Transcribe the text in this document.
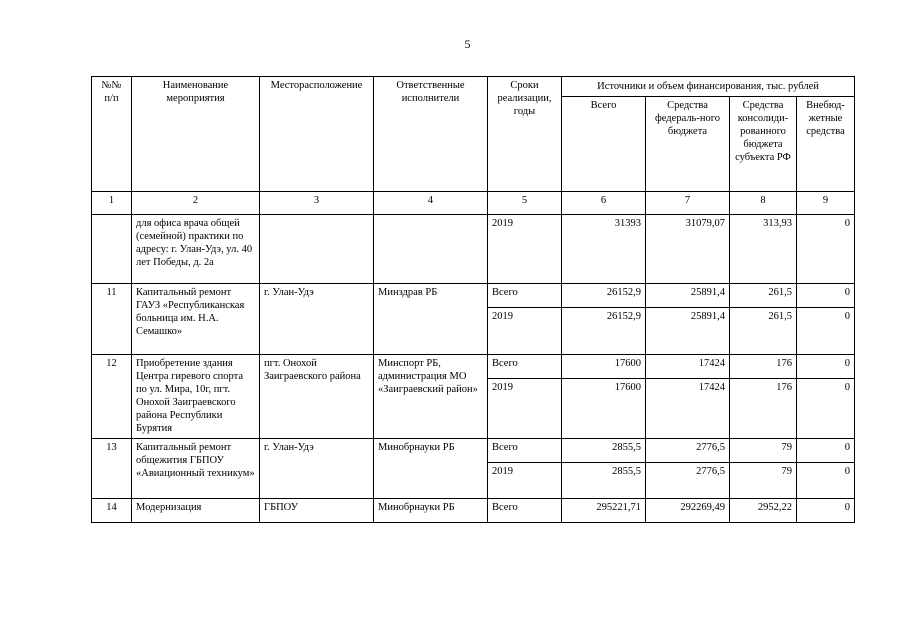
5
№№ п/п	Наименование мероприятия	Месторасположение	Ответственные исполнители	Сроки реализации, годы	Источники и объем финансирования, тыс. рублей			
					Всего	Средства федераль-ного бюджета	Средства консолиди-рованного бюджета субъекта РФ	Внебюд-жетные средства
1	2	3	4	5	6	7	8	9
	для офиса врача общей (семейной) практики по адресу: г. Улан-Удэ, ул. 40 лет Победы, д. 2а			2019	31393	31079,07	313,93	0
11	Капитальный ремонт ГАУЗ «Республиканская больница им. Н.А. Семашко»	г. Улан-Удэ	Минздрав РБ	Всего	26152,9	25891,4	261,5	0
				2019	26152,9	25891,4	261,5	0
12	Приобретение здания Центра гиревого спорта по ул. Мира, 10г, пгт. Онохой Заиграевского района Республики Бурятия	пгт. Онохой Заиграевского района	Минспорт РБ, администрация МО «Заиграевский район»	Всего	17600	17424	176	0
				2019	17600	17424	176	0
13	Капитальный ремонт общежития ГБПОУ «Авиационный техникум»	г. Улан-Удэ	Минобрнауки РБ	Всего	2855,5	2776,5	79	0
				2019	2855,5	2776,5	79	0
14	Модернизация	ГБПОУ	Минобрнауки РБ	Всего	295221,71	292269,49	2952,22	0
